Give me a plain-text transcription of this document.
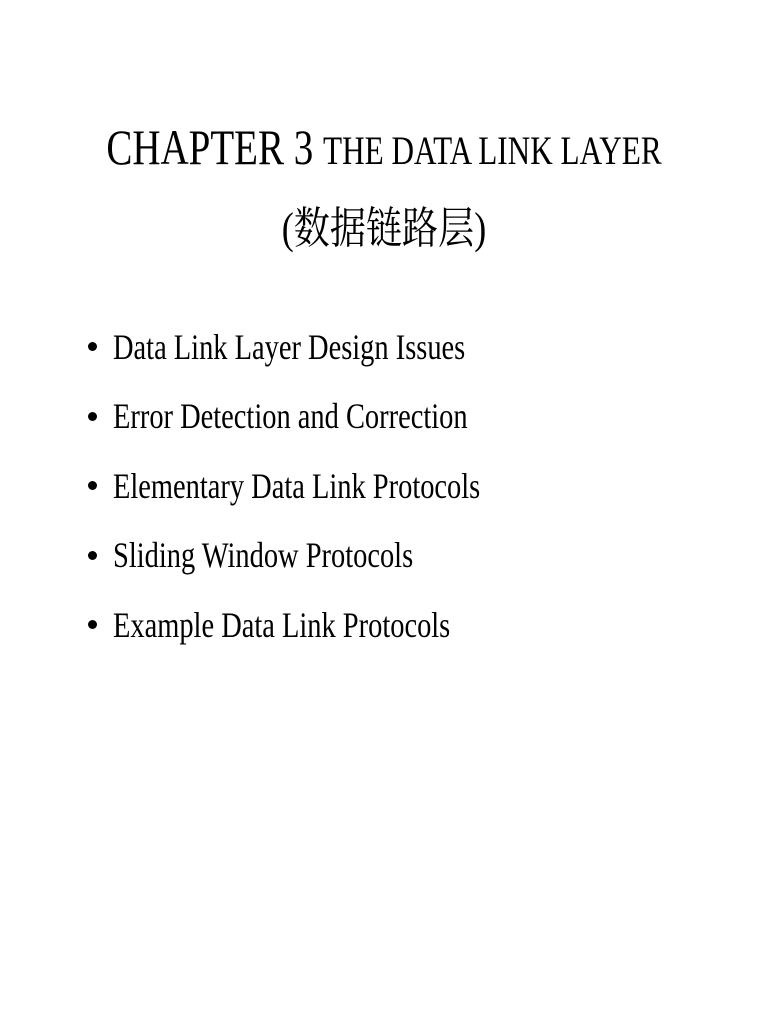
CHAPTER 3 THE DATA LINK LAYER
(数据链路层)
Data Link Layer Design Issues
Error Detection and Correction
Elementary Data Link Protocols
Sliding Window Protocols
Example Data Link Protocols
